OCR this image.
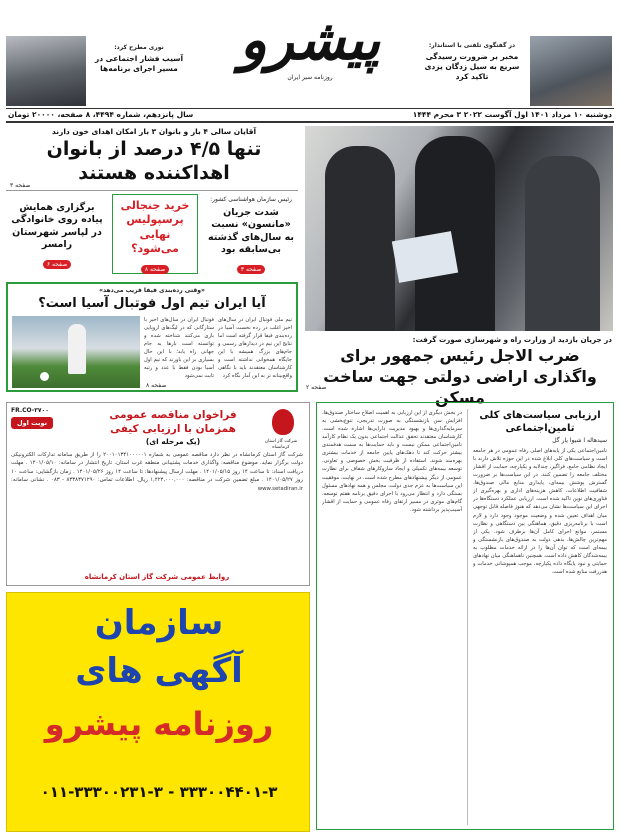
در گفتگوی تلفنی با استاندار:
مخبر بر ضرورت رسیدگی سریع به سیل زدگان یزدی تاکید کرد
پیشرو
روزنامه سیر ایران
نوری مطرح کرد:
آسیب فشار اجتماعی در مسیر اجرای برنامه‌ها
دوشنبه ۱۰ مرداد ۱۴۰۱ اول آگوست ۲۰۲۲ ۳ محرم ۱۴۴۴
سال پانزدهم، شماره ۴۴۹۴، ۸ صفحه، ۲۰۰۰۰ تومان
در جریان بازدید از وزارت راه و شهرسازی صورت گرفت:
ضرب الاجل رئیس جمهور برای واگذاری اراضی دولتی جهت ساخت مسکن
صفحه ۲
آقایان سالی ۴ بار و بانوان ۳ بار امکان اهدای خون دارند
تنها ۴/۵ درصد از بانوان اهداکننده هستند
صفحه ۳
رئیس سازمان هواشناسی کشور:
شدت جریان «مانسون» نسبت به سال‌های گذشته بی‌سابقه بود
صفحه ۳
خرید جنجالی پرسپولیس نهایی می‌شود؟
صفحه ۸
برگزاری همایش پیاده روی خانوادگی در لپاسر شهرستان رامسر
صفحه ۶
«وقتی رده‌بندی فیفا فریب می‌دهد»
آیا ایران تیم اول فوتبال آسیا است؟
تیم ملی فوتبال ایران در سال‌های اخیر اغلب در رده نخست آسیا در رده‌بندی فیفا قرار گرفته است اما نتایج این تیم در دیدارهای رسمی و جام‌های بزرگ همیشه با این جایگاه همخوانی نداشته است و کارشناسان معتقدند باید با نگاهی واقع‌بینانه تر به این آمار نگاه کرد
فوتبال ایران در سال‌های اخیر با ستارگانی که در لیگ‌های اروپایی بازی می‌کنند شناخته شده و توانسته است بارها به جام جهانی راه یابد؛ با این حال بسیاری بر این باورند که تیم اول آسیا بودن فقط با عدد و رتبه ثابت نمی‌شود
صفحه ۸
ارزیابی سیاست‌های کلی تامین‌اجتماعی
سیدهاله ا شیوا یار گل
تامین‌اجتماعی یکی از پایه‌های اصلی رفاه عمومی در هر جامعه است و سیاست‌های کلی ابلاغ شده در این حوزه تلاش دارند با ایجاد نظامی جامع، فراگیر، چندلایه و یکپارچه، حمایت از اقشار مختلف جامعه را تضمین کنند. در این سیاست‌ها بر ضرورت گسترش پوشش بیمه‌ای، پایداری منابع مالی صندوق‌ها، شفافیت اطلاعات، کاهش هزینه‌های اداری و بهره‌گیری از فناوری‌های نوین تاکید شده است. ارزیابی عملکرد دستگاه‌ها در اجرای این سیاست‌ها نشان می‌دهد که هنوز فاصله قابل توجهی میان اهداف تعیین شده و وضعیت موجود وجود دارد و لازم است با برنامه‌ریزی دقیق، هماهنگی بین دستگاهی و نظارت مستمر، موانع اجرای کامل آن‌ها برطرف شود. یکی از مهم‌ترین چالش‌ها، بدهی دولت به صندوق‌های بازنشستگی و بیمه‌ای است که توان آن‌ها را در ارائه خدمات مطلوب به بیمه‌شدگان کاهش داده است. همچنین ناهماهنگی میان نهادهای حمایتی و نبود پایگاه داده یکپارچه، موجب همپوشانی خدمات و هدررفت منابع شده است.
در بخش دیگری از این ارزیابی به اهمیت اصلاح ساختار صندوق‌ها، افزایش سن بازنشستگی به صورت تدریجی، تنوع‌بخشی به سرمایه‌گذاری‌ها و بهبود مدیریت دارایی‌ها اشاره شده است. کارشناسان معتقدند تحقق عدالت اجتماعی بدون یک نظام کارآمد تامین‌اجتماعی ممکن نیست و باید حمایت‌ها به سمت هدفمندی بیشتر حرکت کند تا دهک‌های پایین جامعه از خدمات بیشتری بهره‌مند شوند. استفاده از ظرفیت بخش خصوصی و تعاونی، توسعه بیمه‌های تکمیلی و ایجاد سازوکارهای شفاف برای نظارت عمومی از دیگر پیشنهادهای مطرح شده است. در نهایت، موفقیت این سیاست‌ها به عزم جدی دولت، مجلس و همه نهادهای مسئول بستگی دارد و انتظار می‌رود با اجرای دقیق برنامه هفتم توسعه، گام‌های موثری در مسیر ارتقای رفاه عمومی و حمایت از اقشار آسیب‌پذیر برداشته شود.
FR.CO-۳۷۰۰
نوبت اول
شرکت گاز استان کرمانشاه
فراخوان مناقصه عمومی همزمان با ارزیابی کیفی
(یک مرحله ای)
شرکت گاز استان کرمانشاه در نظر دارد مناقصه عمومی به شماره ۲۰۰۱۰۱۳۴۱۰۰۰۰۰۱ را از طریق سامانه تدارکات الکترونیکی دولت برگزار نماید. موضوع مناقصه: واگذاری خدمات پشتیبانی منطقه غرب استان. تاریخ انتشار در سامانه: ۱۴۰۱/۰۵/۱۰ . مهلت دریافت اسناد: تا ساعت ۱۴ روز ۱۴۰۱/۰۵/۱۵ . مهلت ارسال پیشنهادها: تا ساعت ۱۴ روز ۱۴۰۱/۰۵/۲۶ . زمان بازگشایی: ساعت ۱۰ روز ۱۴۰۱/۰۵/۲۷ . مبلغ تضمین شرکت در مناقصه: ۱,۴۲۴,۰۰۰,۰۰۰ ریال. اطلاعات تماس: ۸۳۳۸۳۷۱۲۹۰ - ۰۸۳ . نشانی سامانه: www.setadiran.ir
روابط عمومی شرکت گاز استان کرمانشاه
سازمان
آگهی های
روزنامه پیشرو
۰۱۱-۳۳۳۰۰۲۳۱-۳ - ۳۳۳۰۰۴۴۰۱-۳
